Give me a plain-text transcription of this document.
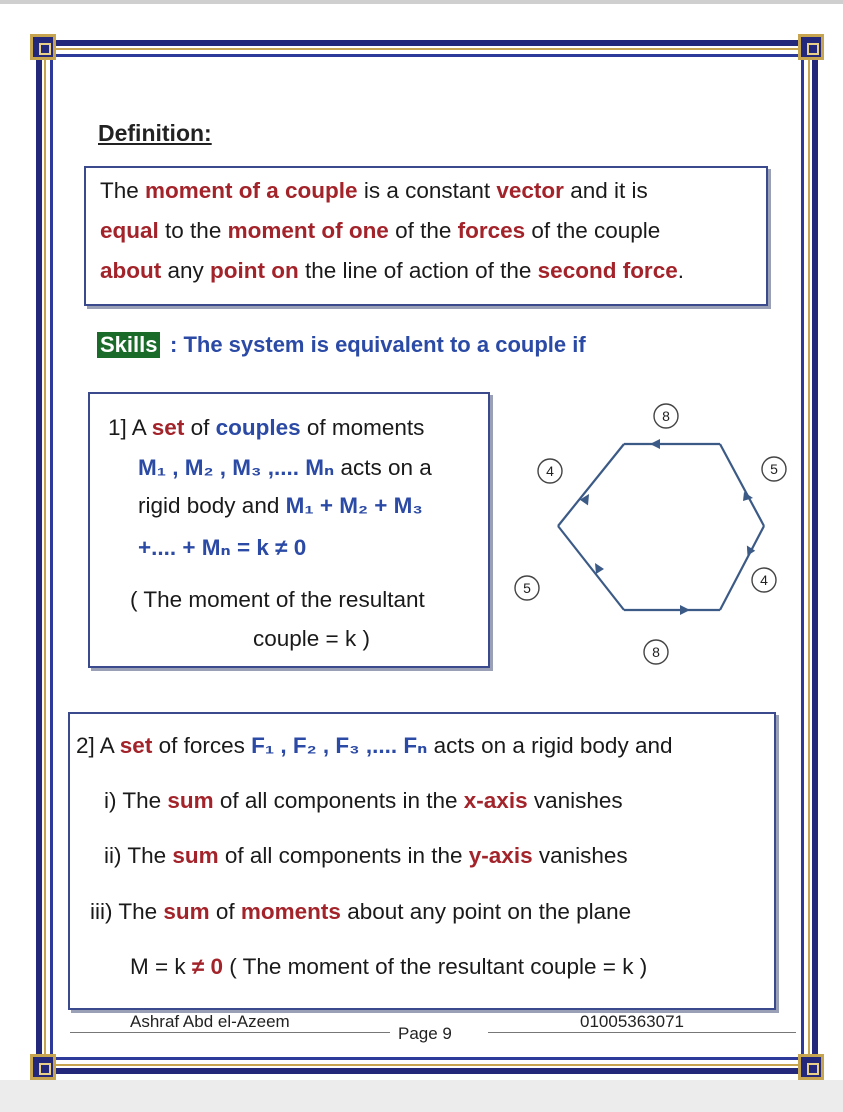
Definition:
The moment of a couple is a constant vector and it is
equal to the moment of one of the forces of the couple
about any point on the line of action of the second force.
Skills : The system is equivalent to a couple if
1] A set of couples of moments
M₁ , M₂ , M₃ ,.... Mₙ acts on a
rigid body and M₁ + M₂ + M₃
+.... + Mₙ = k ≠ 0
( The moment of the resultant
couple = k )
8
5
4
8
5
4
2] A set of forces F₁ , F₂ , F₃ ,.... Fₙ acts on a rigid body and
i) The sum of all components in the x-axis vanishes
ii) The sum of all components in the y-axis vanishes
iii) The sum of moments about any point on the plane
M = k ≠ 0 ( The moment of the resultant couple = k )
Ashraf Abd el-Azeem
Page 9
01005363071
